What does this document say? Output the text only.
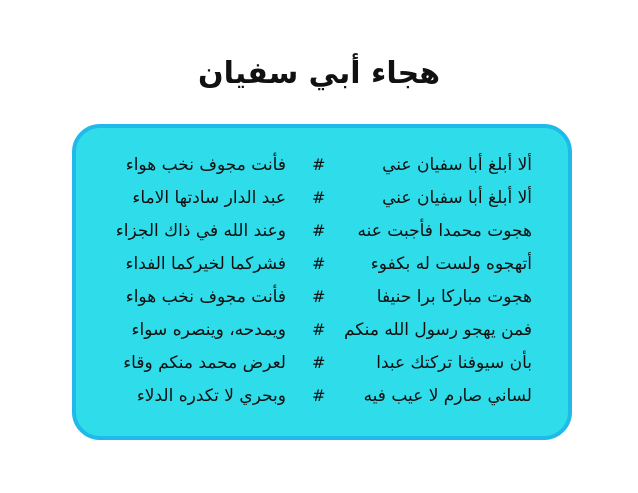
هجاء أبي سفيان
ألا أبلغ أبا سفيان عني
#
فأنت مجوف نخب هواء
ألا أبلغ أبا سفيان عني
#
عبد الدار سادتها الاماء
هجوت محمدا فأجبت عنه
#
وعند الله في ذاك الجزاء
أتهجوه ولست له بكفوء
#
فشركما لخيركما الفداء
هجوت مباركا برا حنيفا
#
فأنت مجوف نخب هواء
فمن يهجو رسول الله منكم
#
ويمدحه، وينصره سواء
بأن سيوفنا تركتك عبدا
#
لعرض محمد منكم وقاء
لساني صارم لا عيب فيه
#
وبحري لا تكدره الدلاء
